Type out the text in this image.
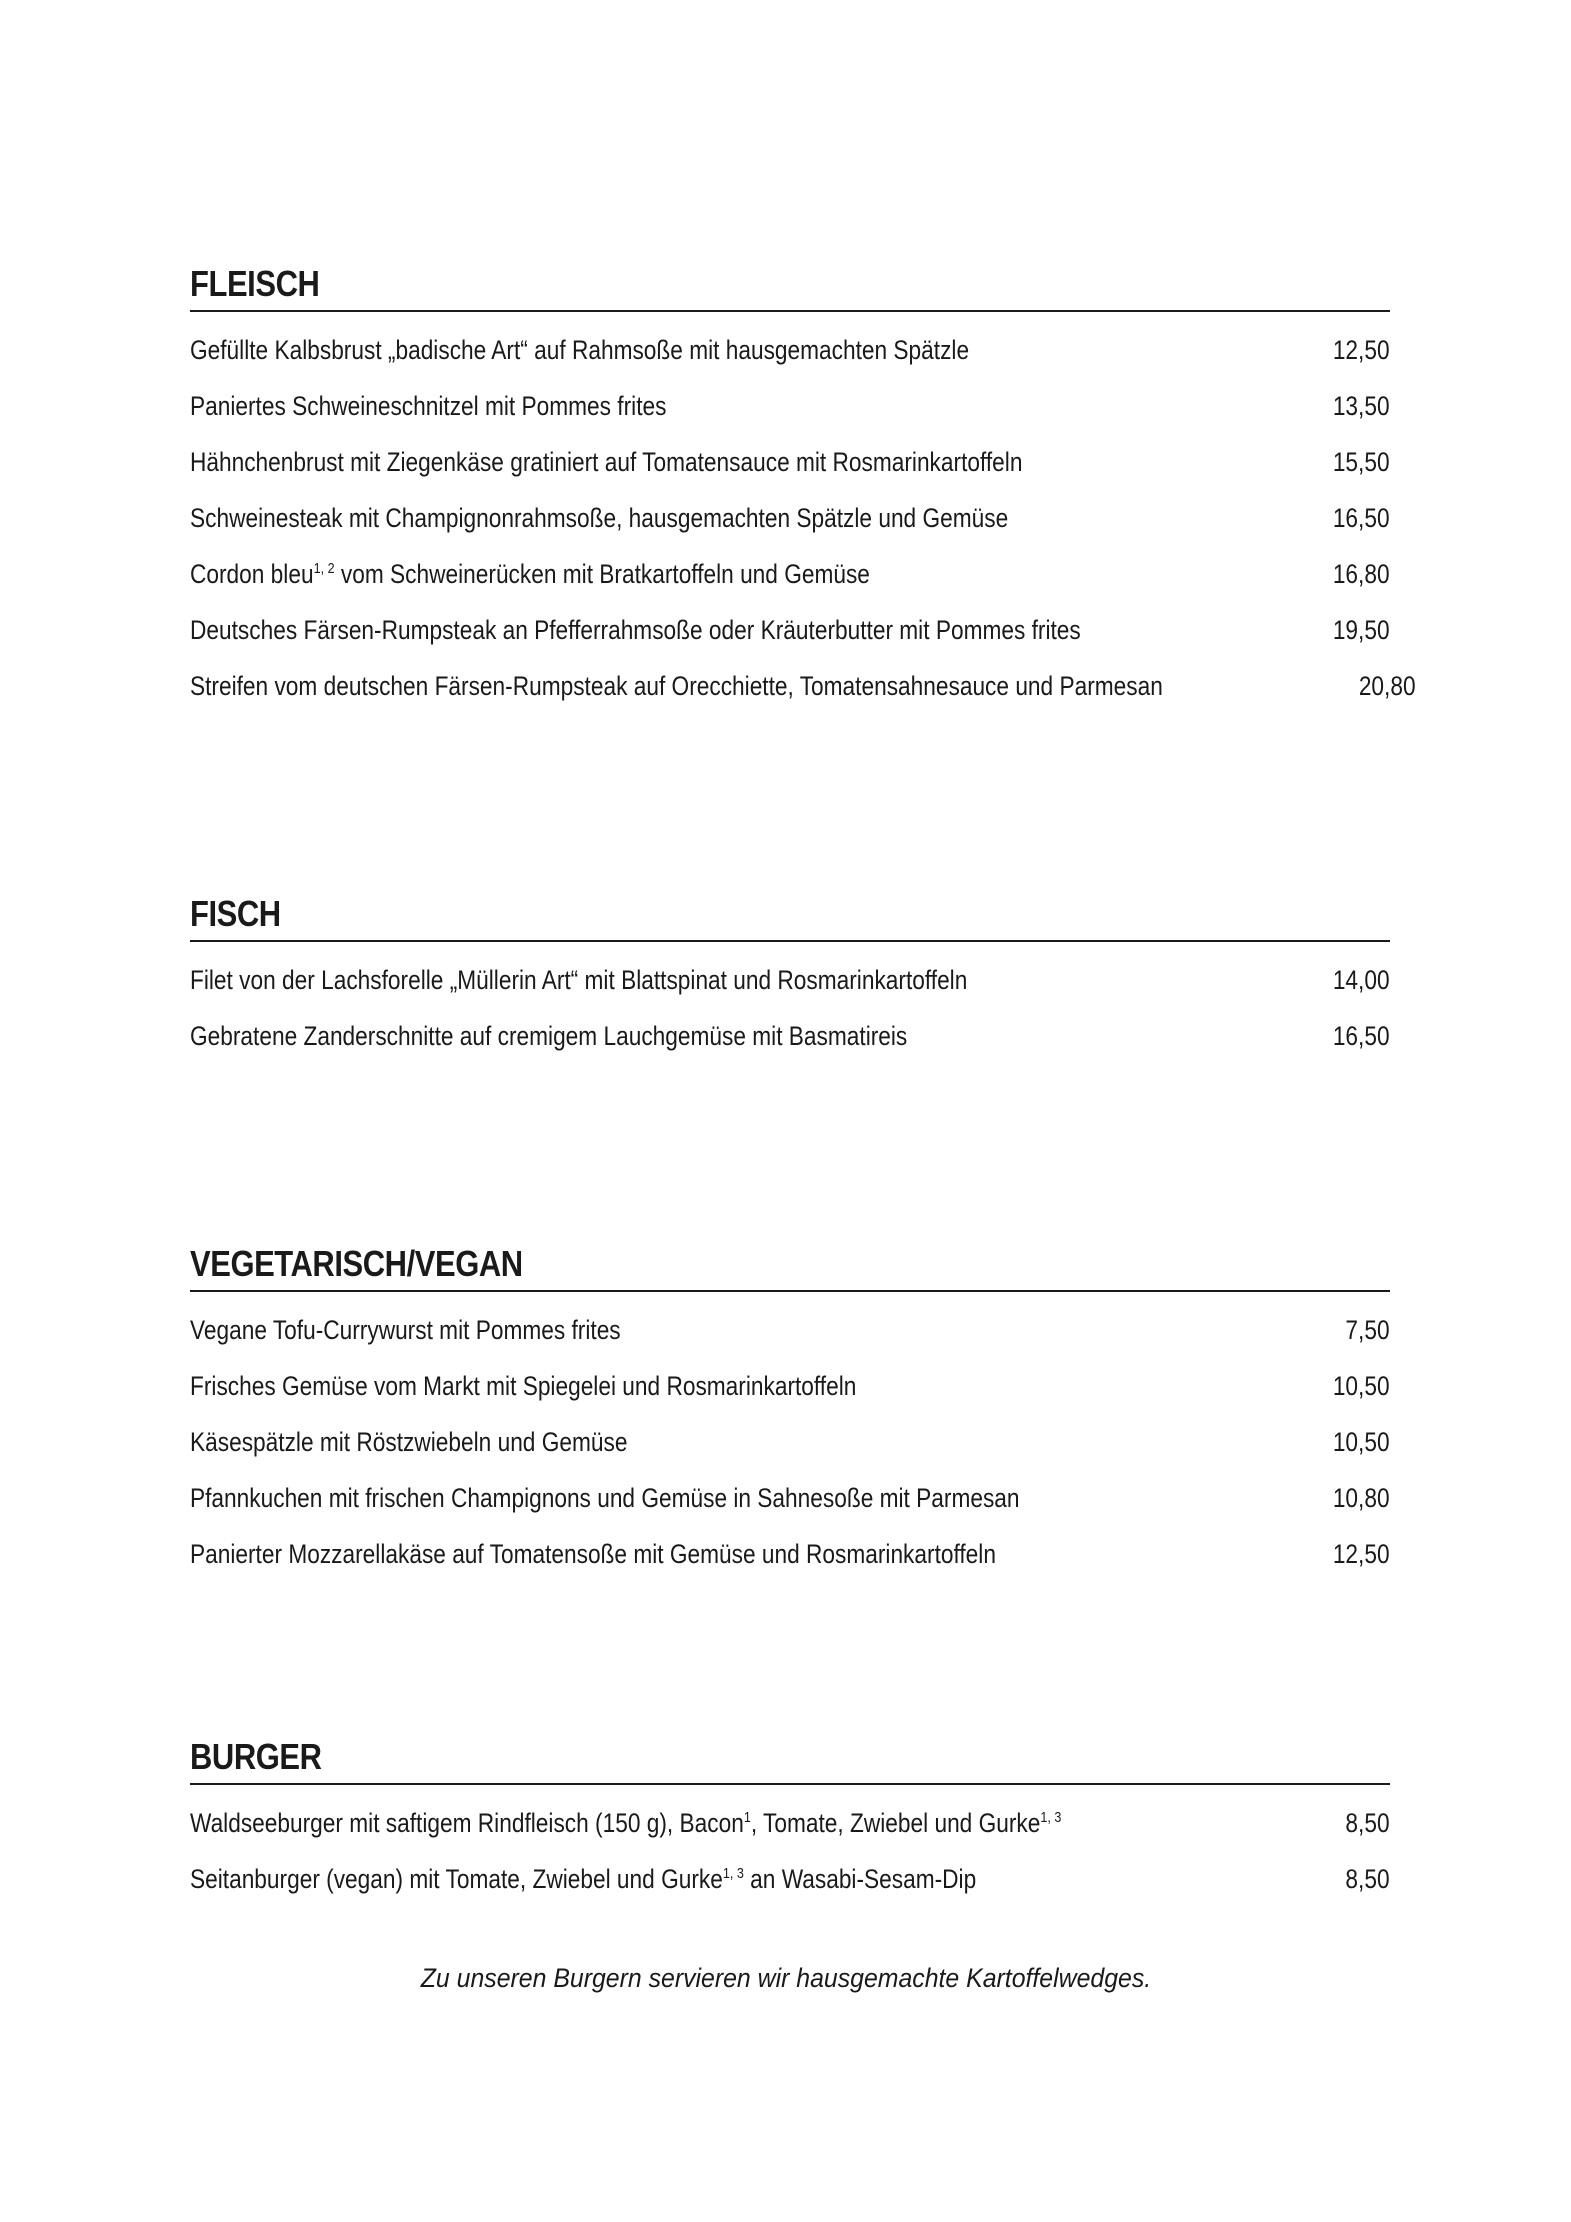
FLEISCH
Gefüllte Kalbsbrust „badische Art“ auf Rahmsoße mit hausgemachten Spätzle	12,50
Paniertes Schweineschnitzel mit Pommes frites	13,50
Hähnchenbrust mit Ziegenkäse gratiniert auf Tomatensauce mit Rosmarinkartoffeln	15,50
Schweinesteak mit Champignonrahmsoße, hausgemachten Spätzle und Gemüse	16,50
Cordon bleu$^{1, 2}$ vom Schweinerücken mit Bratkartoffeln und Gemüse	16,80
Deutsches Färsen-Rumpsteak an Pfefferrahmsoße oder Kräuterbutter mit Pommes frites	19,50
Streifen vom deutschen Färsen-Rumpsteak auf Orecchiette, Tomatensahnesauce und Parmesan	20,80
FISCH
Filet von der Lachsforelle „Müllerin Art“ mit Blattspinat und Rosmarinkartoffeln	14,00
Gebratene Zanderschnitte auf cremigem Lauchgemüse mit Basmatireis	16,50
VEGETARISCH/VEGAN
Vegane Tofu-Currywurst mit Pommes frites	7,50
Frisches Gemüse vom Markt mit Spiegelei und Rosmarinkartoffeln	10,50
Käsespätzle mit Röstzwiebeln und Gemüse	10,50
Pfannkuchen mit frischen Champignons und Gemüse in Sahnesoße mit Parmesan	10,80
Panierter Mozzarellakäse auf Tomatensoße mit Gemüse und Rosmarinkartoffeln	12,50
BURGER
Waldseeburger mit saftigem Rindfleisch (150 g), Bacon$^1$, Tomate, Zwiebel und Gurke$^{1, 3}$	8,50
Seitanburger (vegan) mit Tomate, Zwiebel und Gurke$^{1, 3}$ an Wasabi-Sesam-Dip	8,50
Zu unseren Burgern servieren wir hausgemachte Kartoffelwedges.
